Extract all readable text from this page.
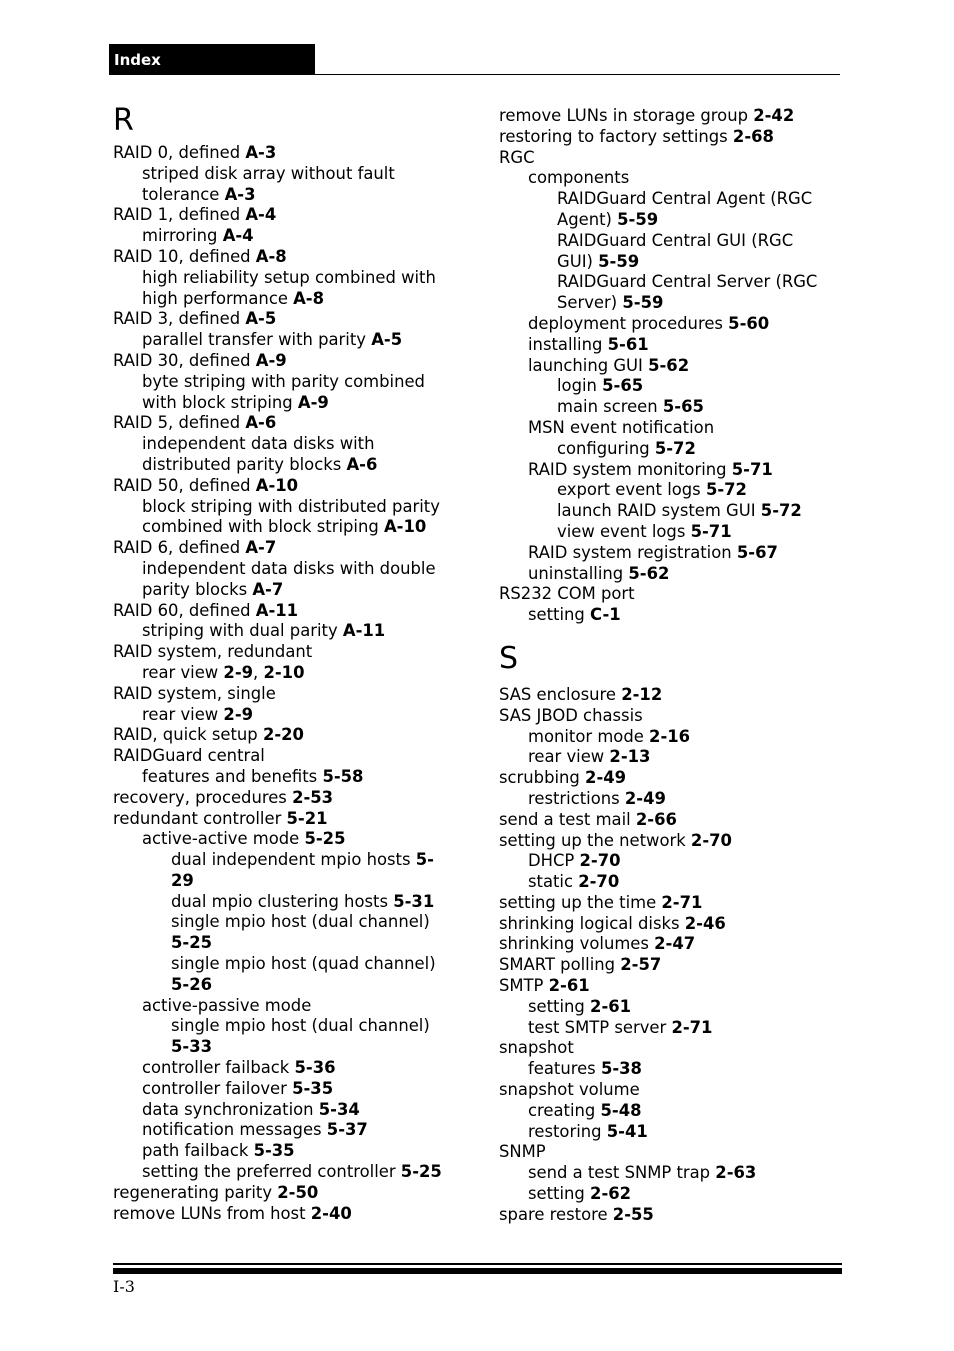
Index
R
RAID 0, defined A-3
striped disk array without fault
tolerance A-3
RAID 1, defined A-4
mirroring A-4
RAID 10, defined A-8
high reliability setup combined with
high performance A-8
RAID 3, defined A-5
parallel transfer with parity A-5
RAID 30, defined A-9
byte striping with parity combined
with block striping A-9
RAID 5, defined A-6
independent data disks with
distributed parity blocks A-6
RAID 50, defined A-10
block striping with distributed parity
combined with block striping A-10
RAID 6, defined A-7
independent data disks with double
parity blocks A-7
RAID 60, defined A-11
striping with dual parity A-11
RAID system, redundant
rear view 2-9, 2-10
RAID system, single
rear view 2-9
RAID, quick setup 2-20
RAIDGuard central
features and benefits 5-58
recovery, procedures 2-53
redundant controller 5-21
active-active mode 5-25
dual independent mpio hosts 5-
29
dual mpio clustering hosts 5-31
single mpio host (dual channel)
5-25
single mpio host (quad channel)
5-26
active-passive mode
single mpio host (dual channel)
5-33
controller failback 5-36
controller failover 5-35
data synchronization 5-34
notification messages 5-37
path failback 5-35
setting the preferred controller 5-25
regenerating parity 2-50
remove LUNs from host 2-40
remove LUNs in storage group 2-42
restoring to factory settings 2-68
RGC
components
RAIDGuard Central Agent (RGC
Agent) 5-59
RAIDGuard Central GUI (RGC
GUI) 5-59
RAIDGuard Central Server (RGC
Server) 5-59
deployment procedures 5-60
installing 5-61
launching GUI 5-62
login 5-65
main screen 5-65
MSN event notification
configuring 5-72
RAID system monitoring 5-71
export event logs 5-72
launch RAID system GUI 5-72
view event logs 5-71
RAID system registration 5-67
uninstalling 5-62
RS232 COM port
setting C-1
S
SAS enclosure 2-12
SAS JBOD chassis
monitor mode 2-16
rear view 2-13
scrubbing 2-49
restrictions 2-49
send a test mail 2-66
setting up the network 2-70
DHCP 2-70
static 2-70
setting up the time 2-71
shrinking logical disks 2-46
shrinking volumes 2-47
SMART polling 2-57
SMTP 2-61
setting 2-61
test SMTP server 2-71
snapshot
features 5-38
snapshot volume
creating 5-48
restoring 5-41
SNMP
send a test SNMP trap 2-63
setting 2-62
spare restore 2-55
I-3
